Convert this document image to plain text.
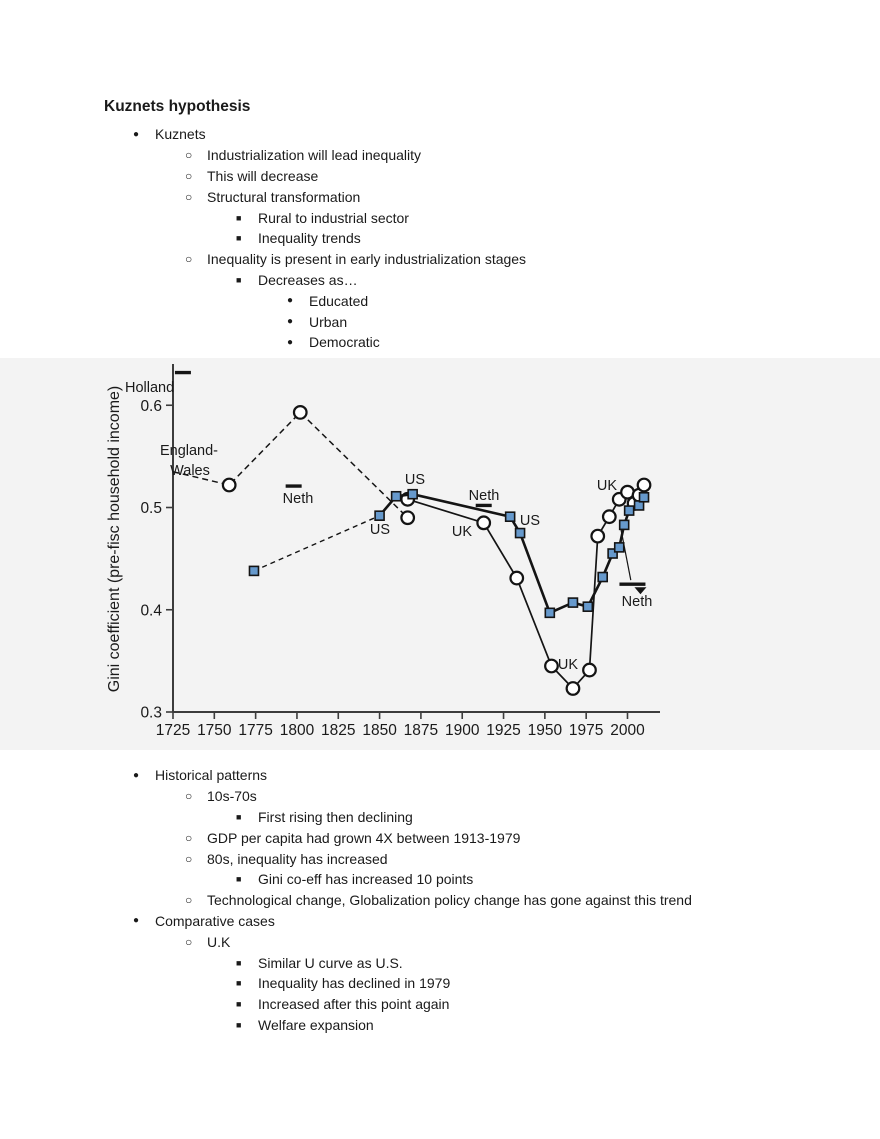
Kuznets hypothesis
●	Kuznets
○	Industrialization will lead inequality
○	This will decrease
○	Structural transformation
■	Rural to industrial sector
■	Inequality trends
○	Inequality is present in early industrialization stages
■	Decreases as…
●	Educated
●	Urban
●	Democratic
0.3
0.4
0.5
0.6
1725 1750 1775 1800 1825 1850 1875 1900 1925 1950 1975 2000
Gini coefficient (pre-fisc household income) Holland
England-
Wales
Neth
US
US
UK
Neth
US
UK
UK
Neth
●	Historical patterns
○	10s-70s
■	First rising then declining
○	GDP per capita had grown 4X between 1913-1979
○	80s, inequality has increased
■	Gini co-eff has increased 10 points
○	Technological change, Globalization policy change has gone against this trend
●	Comparative cases
○	U.K
■	Similar U curve as U.S.
■	Inequality has declined in 1979
■	Increased after this point again
■	Welfare expansion
